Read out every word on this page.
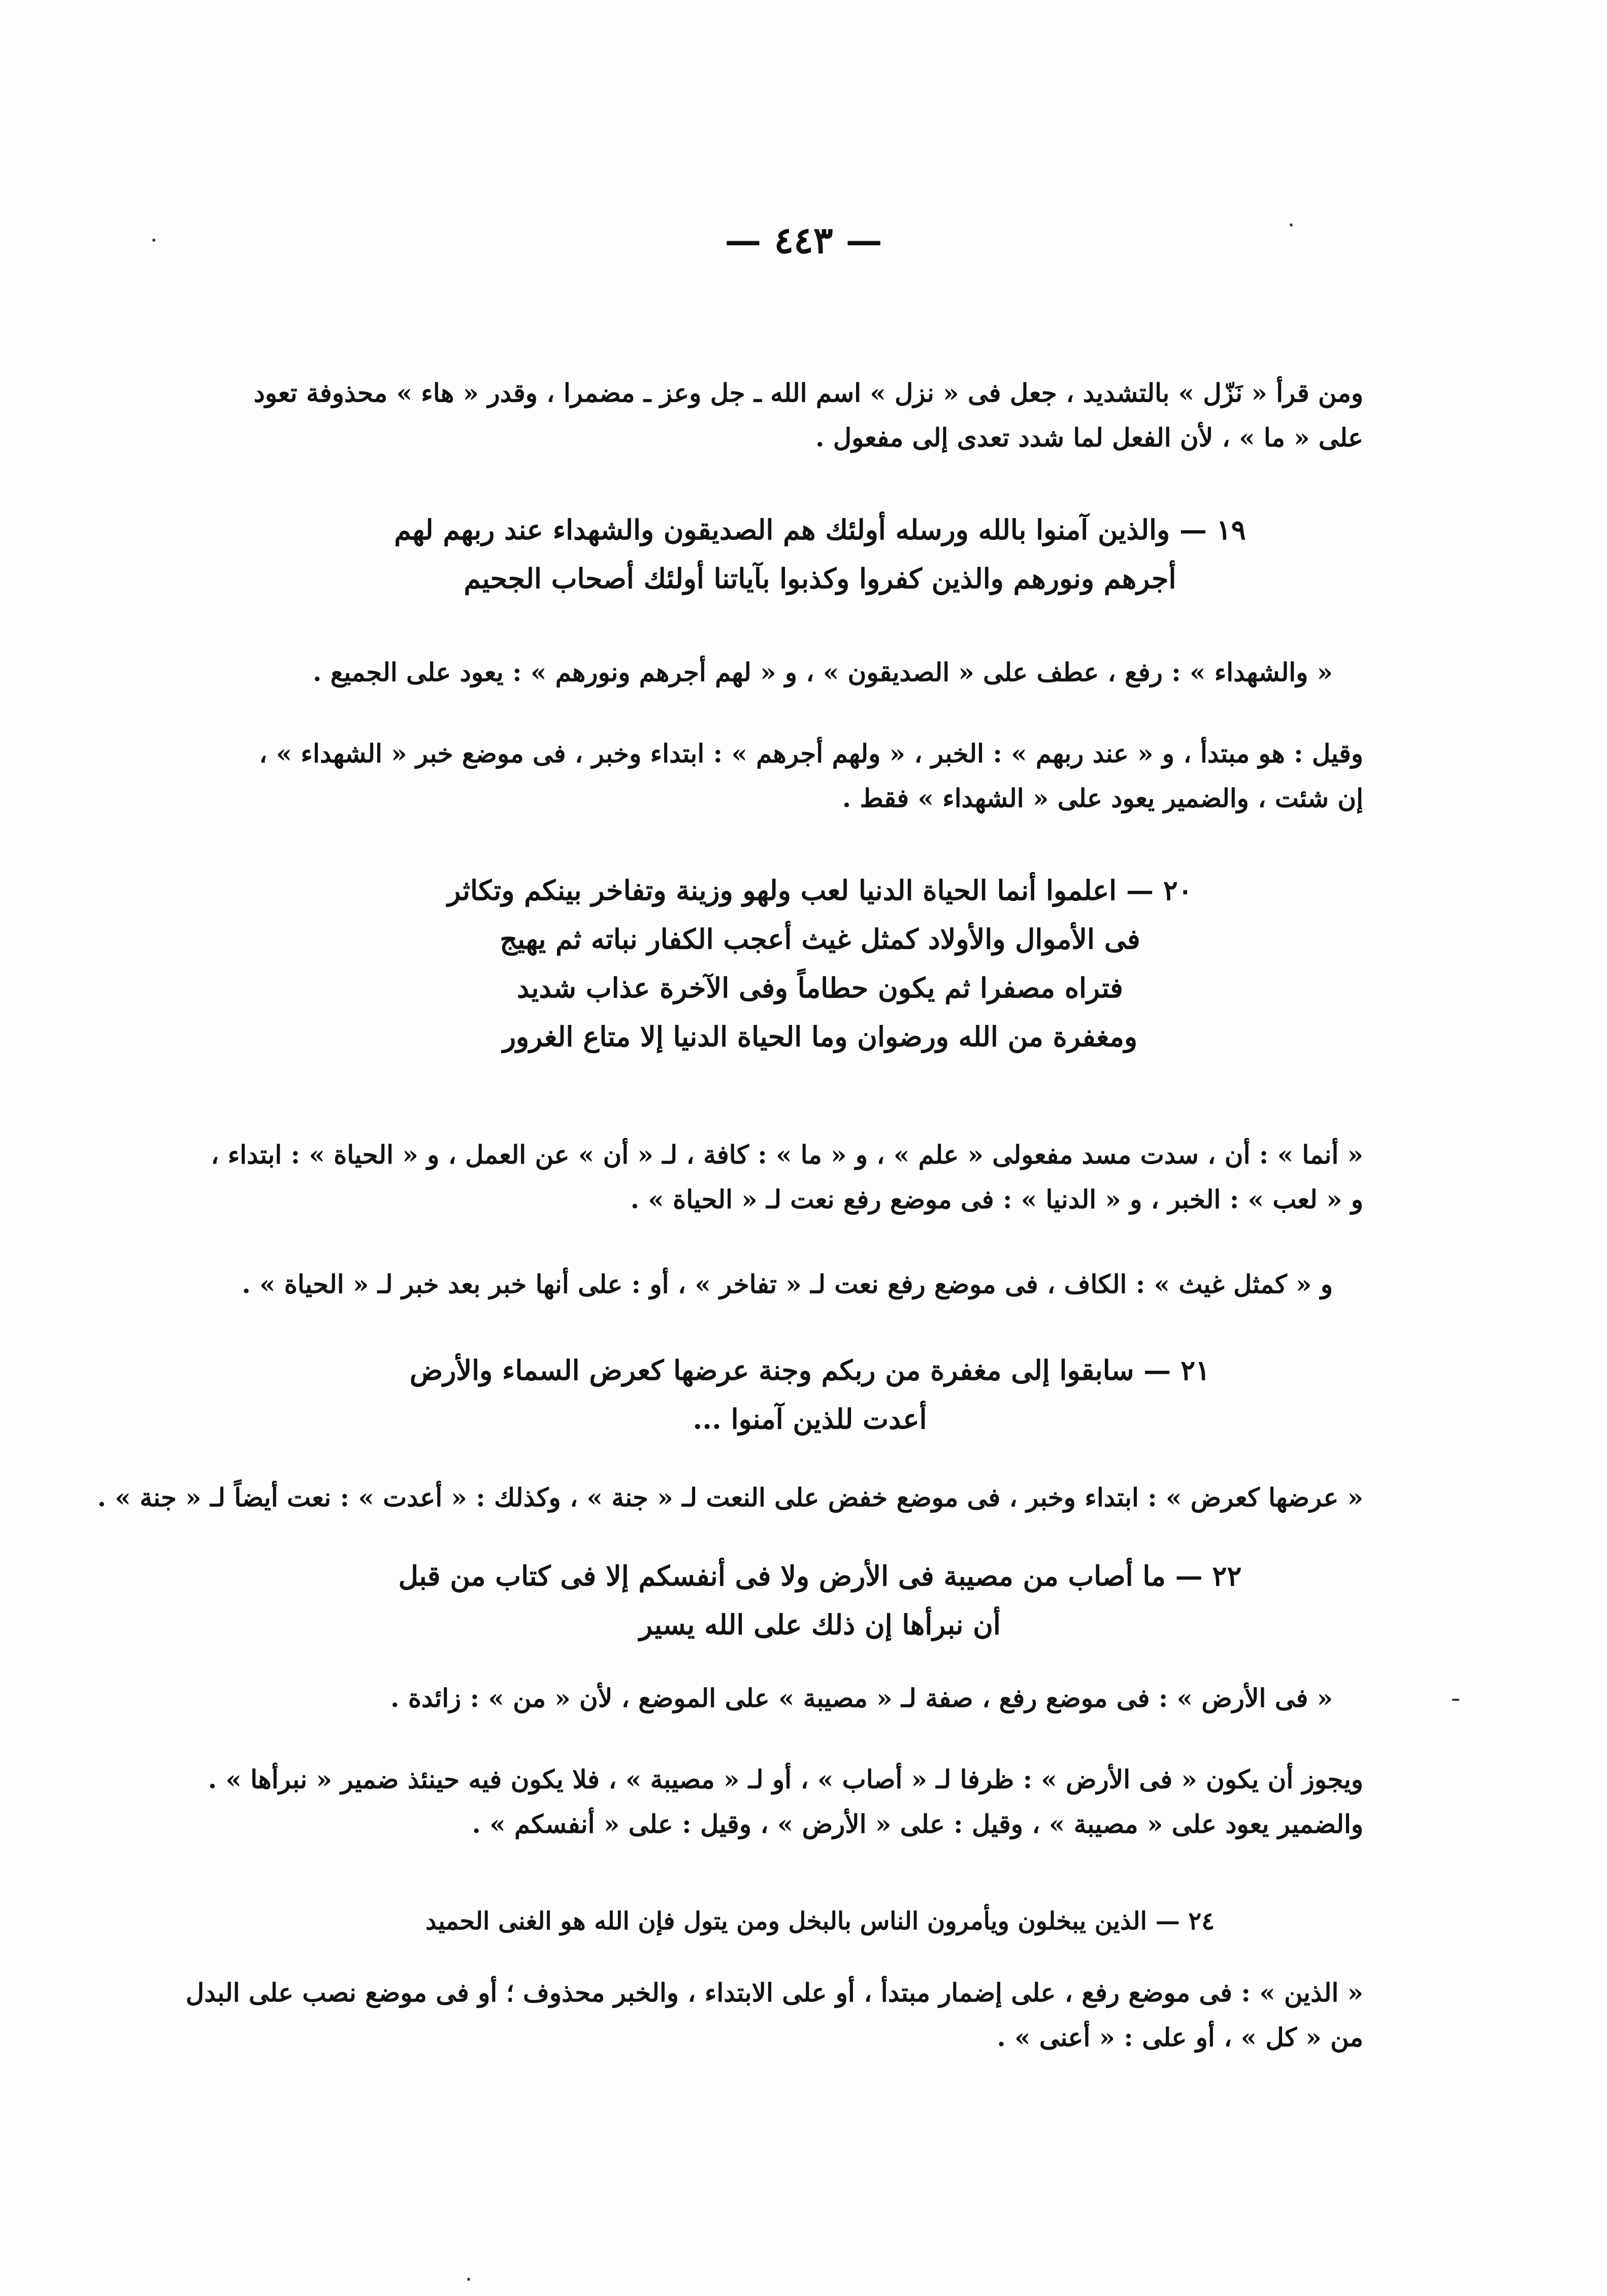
— ٤٤٣ —
ومن قرأ « نَزّل » بالتشديد ، جعل فى « نزل » اسم الله ـ جل وعز ـ مضمرا ، وقدر « هاء » محذوفة تعود
على « ما » ، لأن الفعل لما شدد تعدى إلى مفعول .
١٩ — والذين آمنوا بالله ورسله أولئك هم الصديقون والشهداء عند ربهم لهم
أجرهم ونورهم والذين كفروا وكذبوا بآياتنا أولئك أصحاب الجحيم
« والشهداء » : رفع ، عطف على « الصديقون » ، و « لهم أجرهم ونورهم » : يعود على الجميع .
وقيل : هو مبتدأ ، و « عند ربهم » : الخبر ، « ولهم أجرهم » : ابتداء وخبر ، فى موضع خبر « الشهداء » ،
إن شئت ، والضمير يعود على « الشهداء » فقط .
٢٠ — اعلموا أنما الحياة الدنيا لعب ولهو وزينة وتفاخر بينكم وتكاثر
فى الأموال والأولاد كمثل غيث أعجب الكفار نباته ثم يهيج
فتراه مصفرا ثم يكون حطاماً وفى الآخرة عذاب شديد
ومغفرة من الله ورضوان وما الحياة الدنيا إلا متاع الغرور
« أنما » : أن ، سدت مسد مفعولى « علم » ، و « ما » : كافة ، لـ « أن » عن العمل ، و « الحياة » : ابتداء ،
و « لعب » : الخبر ، و « الدنيا » : فى موضع رفع نعت لـ « الحياة » .
و « كمثل غيث » : الكاف ، فى موضع رفع نعت لـ « تفاخر » ، أو : على أنها خبر بعد خبر لـ « الحياة » .
٢١ — سابقوا إلى مغفرة من ربكم وجنة عرضها كعرض السماء والأرض
أعدت للذين آمنوا ...
« عرضها كعرض » : ابتداء وخبر ، فى موضع خفض على النعت لـ « جنة » ، وكذلك : « أعدت » : نعت أيضاً لـ « جنة » .
٢٢ — ما أصاب من مصيبة فى الأرض ولا فى أنفسكم إلا فى كتاب من قبل
أن نبرأها إن ذلك على الله يسير
« فى الأرض » : فى موضع رفع ، صفة لـ « مصيبة » على الموضع ، لأن « من » : زائدة .
ويجوز أن يكون « فى الأرض » : ظرفا لـ « أصاب » ، أو لـ « مصيبة » ، فلا يكون فيه حينئذ ضمير « نبرأها » .
والضمير يعود على « مصيبة » ، وقيل : على « الأرض » ، وقيل : على « أنفسكم » .
٢٤ — الذين يبخلون ويأمرون الناس بالبخل ومن يتول فإن الله هو الغنى الحميد
« الذين » : فى موضع رفع ، على إضمار مبتدأ ، أو على الابتداء ، والخبر محذوف ؛ أو فى موضع نصب على البدل
من « كل » ، أو على : « أعنى » .
